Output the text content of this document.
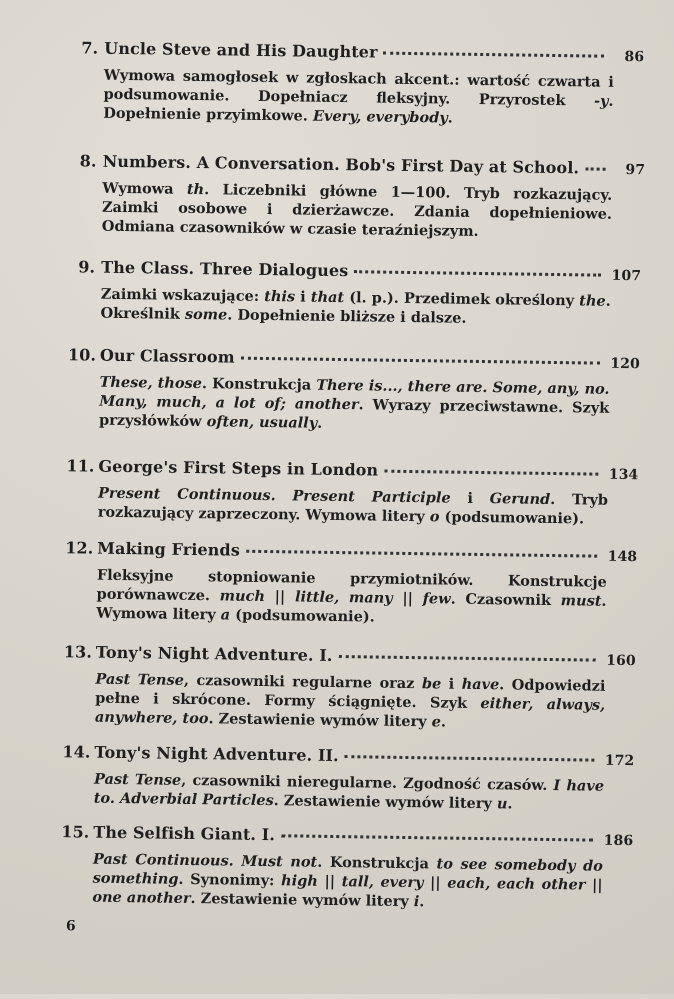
7. Uncle Steve and His Daughter	86
Wymowa samogłosek w zgłoskach akcent.: wartość czwarta i podsumowanie. Dopełniacz fleksyjny. Przyrostek -y. Dopełnienie przyimkowe. Every, everybody.
8. Numbers. A Conversation. Bob's First Day at School.	97
Wymowa th. Liczebniki główne 1—100. Tryb rozkazujący. Zaimki osobowe i dzierżawcze. Zdania dopełnieniowe. Odmiana czasowników w czasie teraźniejszym.
9. The Class. Three Dialogues	107
Zaimki wskazujące: this i that (l. p.). Przedimek określony the. Określnik some. Dopełnienie bliższe i dalsze.
10. Our Classroom	120
These, those. Konstrukcja There is..., there are. Some, any, no. Many, much, a lot of; another. Wyrazy przeciwstawne. Szyk przysłówków often, usually.
11. George's First Steps in London	134
Present Continuous. Present Participle i Gerund. Tryb rozkazujący zaprzeczony. Wymowa litery o (podsumowanie).
12. Making Friends	148
Fleksyjne stopniowanie przymiotników. Konstrukcje porównawcze. much || little, many || few. Czasownik must. Wymowa litery a (podsumowanie).
13. Tony's Night Adventure. I.	160
Past Tense, czasowniki regularne oraz be i have. Odpowiedzi pełne i skrócone. Formy ściągnięte. Szyk either, always, anywhere, too. Zestawienie wymów litery e.
14. Tony's Night Adventure. II.	172
Past Tense, czasowniki nieregularne. Zgodność czasów. I have to. Adverbial Particles. Zestawienie wymów litery u.
15. The Selfish Giant. I.	186
Past Continuous. Must not. Konstrukcja to see somebody do something. Synonimy: high || tall, every || each, each other || one another. Zestawienie wymów litery i.
6
